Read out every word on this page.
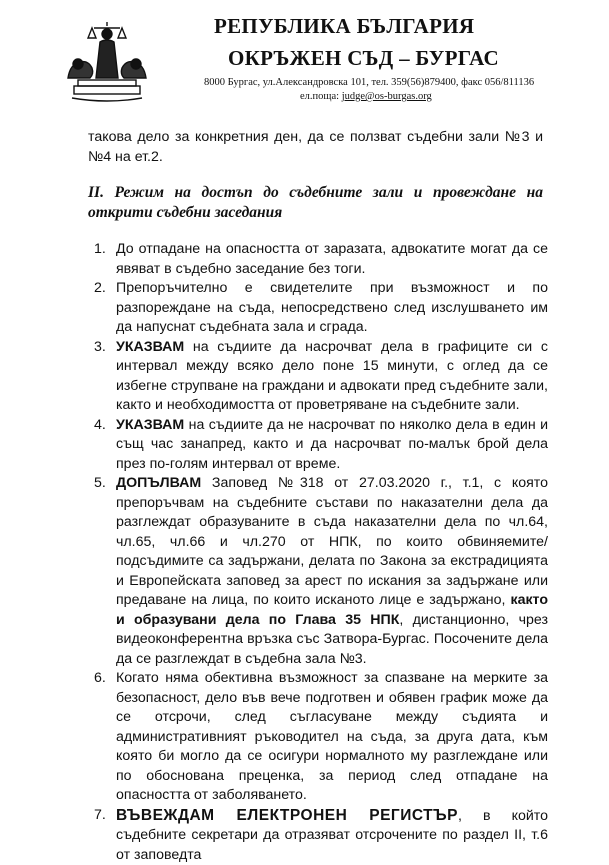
РЕПУБЛИКА БЪЛГАРИЯ
ОКРЪЖЕН СЪД – БУРГАС
8000 Бургас, ул.Александровска 101, тел. 359(56)879400, факс 056/811136
ел.поща: judge@os-burgas.org
такова дело за конкретния ден, да се ползват съдебни зали №3 и №4 на ет.2.
II. Режим на достъп до съдебните зали и провеждане на открити съдебни заседания
1. До отпадане на опасността от заразата, адвокатите могат да се явяват в съдебно заседание без тоги.
2. Препоръчително е свидетелите при възможност и по разпореждане на съда, непосредствено след изслушването им да напуснат съдебната зала и сграда.
3. УКАЗВАМ на съдиите да насрочват дела в графиците си с интервал между всяко дело поне 15 минути, с оглед да се избегне струпване на граждани и адвокати пред съдебните зали, както и необходимостта от проветряване на съдебните зали.
4. УКАЗВАМ на съдиите да не насрочват по няколко дела в един и същ час занапред, както и да насрочват по-малък брой дела през по-голям интервал от време.
5. ДОПЪЛВАМ Заповед №318 от 27.03.2020 г., т.1, с която препоръчвам на съдебните състави по наказателни дела да разглеждат образуваните в съда наказателни дела по чл.64, чл.65, чл.66 и чл.270 от НПК, по които обвиняемите/подсъдимите са задържани, делата по Закона за екстрадицията и Европейската заповед за арест по искания за задържане или предаване на лица, по които исканото лице е задържано, както и образувани дела по Глава 35 НПК, дистанционно, чрез видеоконферентна връзка със Затвора-Бургас. Посочените дела да се разглеждат в съдебна зала №3.
6. Когато няма обективна възможност за спазване на мерките за безопасност, дело във вече подготвен и обявен график може да се отсрочи, след съгласуване между съдията и административният ръководител на съда, за друга дата, към която би могло да се осигури нормалното му разглеждане или по обоснована преценка, за период след отпадане на опасността от заболяването.
7. ВЪВЕЖДАМ ЕЛЕКТРОНЕН РЕГИСТЪР, в който съдебните секретари да отразяват отсрочените по раздел II, т.6 от заповедта
